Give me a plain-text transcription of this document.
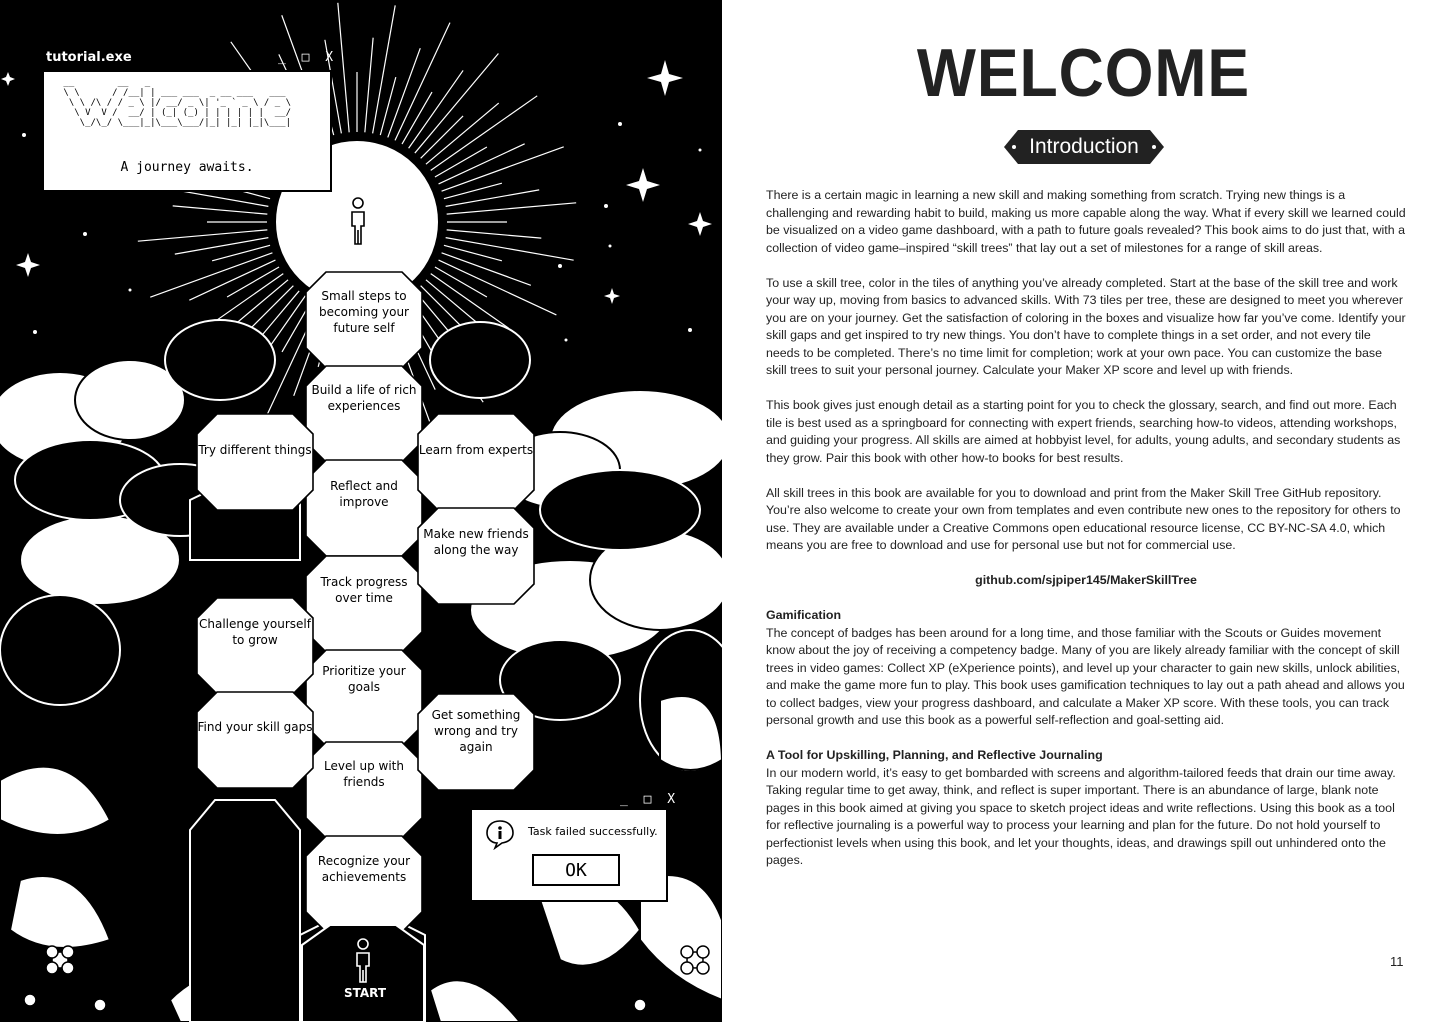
tutorial.exe	_ □ X
__        __   _
\ \      / /__| | ___ ___  _ __ ___   ___
\ \ /\ / / _ \ |/ __/ _ \| '_ ` _ \ / _ \
\ V  V /  __/ | (_| (_) | | | | | |  __/
\_/\_/ \___|_|\___\___/|_| |_| |_|\___|
A journey awaits.
Small steps to becoming your future self
Build a life of rich experiences
Try different things	Learn from experts
Reflect and improve
Make new friends along the way
Track progress over time
Challenge yourself to grow
Prioritize your goals
Find your skill gaps
Get something wrong and try again
Level up with friends
Recognize your achievements
START
_ □ X
Task failed successfully.
OK
WELCOME
Introduction

There is a certain magic in learning a new skill and making something from scratch. Trying new things is a challenging and rewarding habit to build, making us more capable along the way. What if every skill we learned could be visualized on a video game dashboard, with a path to future goals revealed? This book aims to do just that, with a collection of video game–inspired “skill trees” that lay out a set of milestones for a range of skill areas.

To use a skill tree, color in the tiles of anything you’ve already completed. Start at the base of the skill tree and work your way up, moving from basics to advanced skills. With 73 tiles per tree, these are designed to meet you wherever you are on your journey. Get the satisfaction of coloring in the boxes and visualize how far you’ve come. Identify your skill gaps and get inspired to try new things. You don’t have to complete things in a set order, and not every tile needs to be completed. There’s no time limit for completion; work at your own pace. You can customize the base skill trees to suit your personal journey. Calculate your Maker XP score and level up with friends.

This book gives just enough detail as a starting point for you to check the glossary, search, and find out more. Each tile is best used as a springboard for connecting with expert friends, searching how-to videos, attending workshops, and guiding your progress. All skills are aimed at hobbyist level, for adults, young adults, and secondary students as they grow. Pair this book with other how-to books for best results.

All skill trees in this book are available for you to download and print from the Maker Skill Tree GitHub repository. You’re also welcome to create your own from templates and even contribute new ones to the repository for others to use. They are available under a Creative Commons open educational resource license, CC BY-NC-SA 4.0, which means you are free to download and use for personal use but not for commercial use.

github.com/sjpiper145/MakerSkillTree
Gamification

The concept of badges has been around for a long time, and those familiar with the Scouts or Guides movement know about the joy of receiving a competency badge. Many of you are likely already familiar with the concept of skill trees in video games: Collect XP (eXperience points), and level up your character to gain new skills, unlock abilities, and make the game more fun to play. This book uses gamification techniques to lay out a path ahead and allows you to collect badges, view your progress dashboard, and calculate a Maker XP score. With these tools, you can track personal growth and use this book as a powerful self-reflection and goal-setting aid.

A Tool for Upskilling, Planning, and Reflective Journaling

In our modern world, it’s easy to get bombarded with screens and algorithm-tailored feeds that drain our time away. Taking regular time to get away, think, and reflect is super important. There is an abundance of large, blank note pages in this book aimed at giving you space to sketch project ideas and write reflections. Using this book as a tool for reflective journaling is a powerful way to process your learning and plan for the future. Do not hold yourself to perfectionist levels when using this book, and let your thoughts, ideas, and drawings spill out unhindered onto the pages.

11
